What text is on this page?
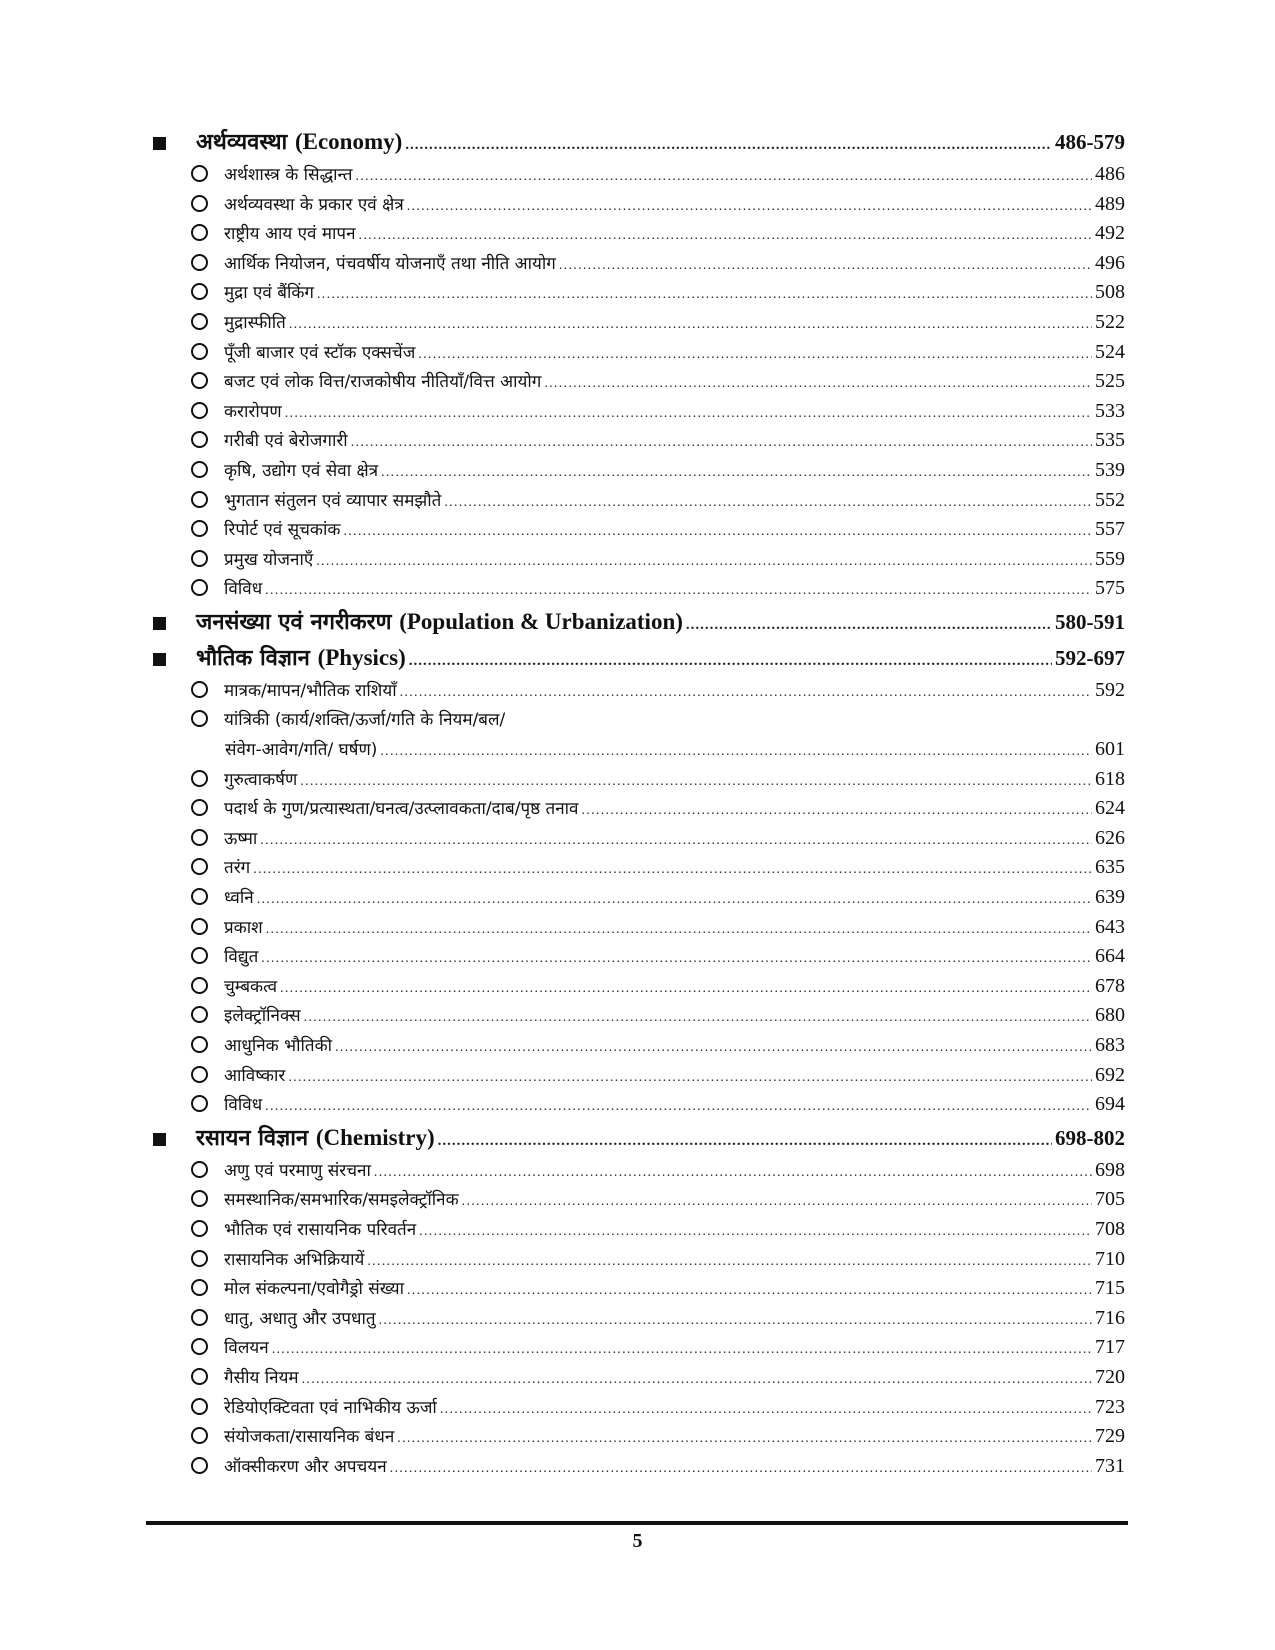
अर्थव्यवस्था (Economy) .....	486-579
अर्थशास्त्र के सिद्धान्त .....	486
अर्थव्यवस्था के प्रकार एवं क्षेत्र .....	489
राष्ट्रीय आय एवं मापन .....	492
आर्थिक नियोजन, पंचवर्षीय योजनाएँ तथा नीति आयोग .....	496
मुद्रा एवं बैंकिंग .....	508
मुद्रास्फीति .....	522
पूँजी बाजार एवं स्टॉक एक्सचेंज .....	524
बजट एवं लोक वित्त/राजकोषीय नीतियाँ/वित्त आयोग .....	525
करारोपण .....	533
गरीबी एवं बेरोजगारी .....	535
कृषि, उद्योग एवं सेवा क्षेत्र .....	539
भुगतान संतुलन एवं व्यापार समझौते .....	552
रिपोर्ट एवं सूचकांक .....	557
प्रमुख योजनाएँ .....	559
विविध .....	575
जनसंख्या एवं नगरीकरण (Population & Urbanization) .....	580-591
भौतिक विज्ञान (Physics) .....	592-697
मात्रक/मापन/भौतिक राशियाँ .....	592
यांत्रिकी (कार्य/शक्ति/ऊर्जा/गति के नियम/बल/
संवेग-आवेग/गति/ घर्षण) .....	601
गुरुत्वाकर्षण .....	618
पदार्थ के गुण/प्रत्यास्थता/घनत्व/उत्प्लावकता/दाब/पृष्ठ तनाव .....	624
ऊष्मा .....	626
तरंग .....	635
ध्वनि .....	639
प्रकाश .....	643
विद्युत .....	664
चुम्बकत्व .....	678
इलेक्ट्रॉनिक्स .....	680
आधुनिक भौतिकी .....	683
आविष्कार .....	692
विविध .....	694
रसायन विज्ञान (Chemistry) .....	698-802
अणु एवं परमाणु संरचना .....	698
समस्थानिक/समभारिक/समइलेक्ट्रॉनिक .....	705
भौतिक एवं रासायनिक परिवर्तन .....	708
रासायनिक अभिक्रियायें .....	710
मोल संकल्पना/एवोगैड्रो संख्या .....	715
धातु, अधातु और उपधातु .....	716
विलयन .....	717
गैसीय नियम .....	720
रेडियोएक्टिवता एवं नाभिकीय ऊर्जा .....	723
संयोजकता/रासायनिक बंधन .....	729
ऑक्सीकरण और अपचयन .....	731
5
